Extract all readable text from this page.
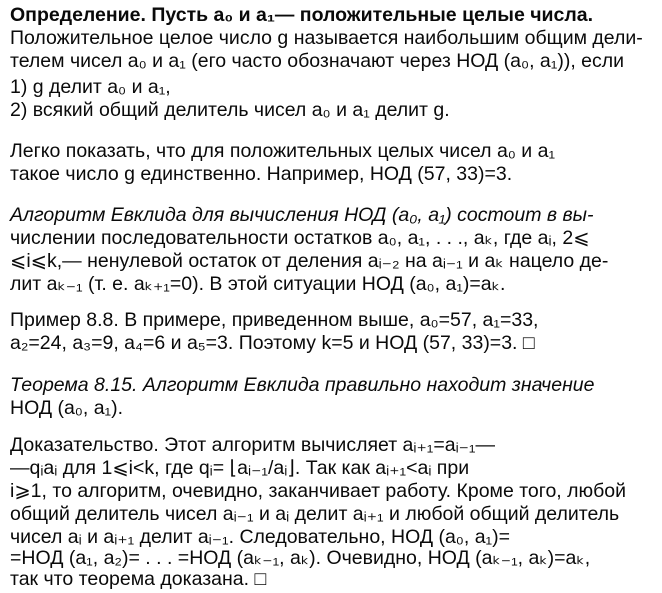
Определение. Пусть a₀ и a₁— положительные целые числа.
Положительное целое число g называется наибольшим общим дели-
телем чисел a₀ и a₁ (его часто обозначают через НОД (a₀, a₁)), если
1) g делит a₀ и a₁,
2) всякий общий делитель чисел a₀ и a₁ делит g.
Легко показать, что для положительных целых чисел a₀ и a₁
такое число g единственно. Например, НОД (57, 33)=3.
Алгоритм Евклида для вычисления НОД (a₀, a₁) состоит в вы-
числении последовательности остатков a₀, a₁, . . ., aₖ, где aᵢ, 2⩽
⩽i⩽k,— ненулевой остаток от деления aᵢ₋₂ на aᵢ₋₁ и aₖ нацело де-
лит aₖ₋₁ (т. е. aₖ₊₁=0). В этой ситуации НОД (a₀, a₁)=aₖ.
Пример 8.8. В примере, приведенном выше, a₀=57, a₁=33,
a₂=24, a₃=9, a₄=6 и a₅=3. Поэтому k=5 и НОД (57, 33)=3. □
Теорема 8.15. Алгоритм Евклида правильно находит значение
НОД (a₀, a₁).
Доказательство. Этот алгоритм вычисляет aᵢ₊₁=aᵢ₋₁—
—qᵢaᵢ для 1⩽i<k, где qᵢ= ⌊aᵢ₋₁/aᵢ⌋. Так как aᵢ₊₁<aᵢ при
i⩾1, то алгоритм, очевидно, заканчивает работу. Кроме того, любой
общий делитель чисел aᵢ₋₁ и aᵢ делит aᵢ₊₁ и любой общий делитель
чисел aᵢ и aᵢ₊₁ делит aᵢ₋₁. Следовательно, НОД (a₀, a₁)=
=НОД (a₁, a₂)= . . . =НОД (aₖ₋₁, aₖ). Очевидно, НОД (aₖ₋₁, aₖ)=aₖ,
так что теорема доказана. □
